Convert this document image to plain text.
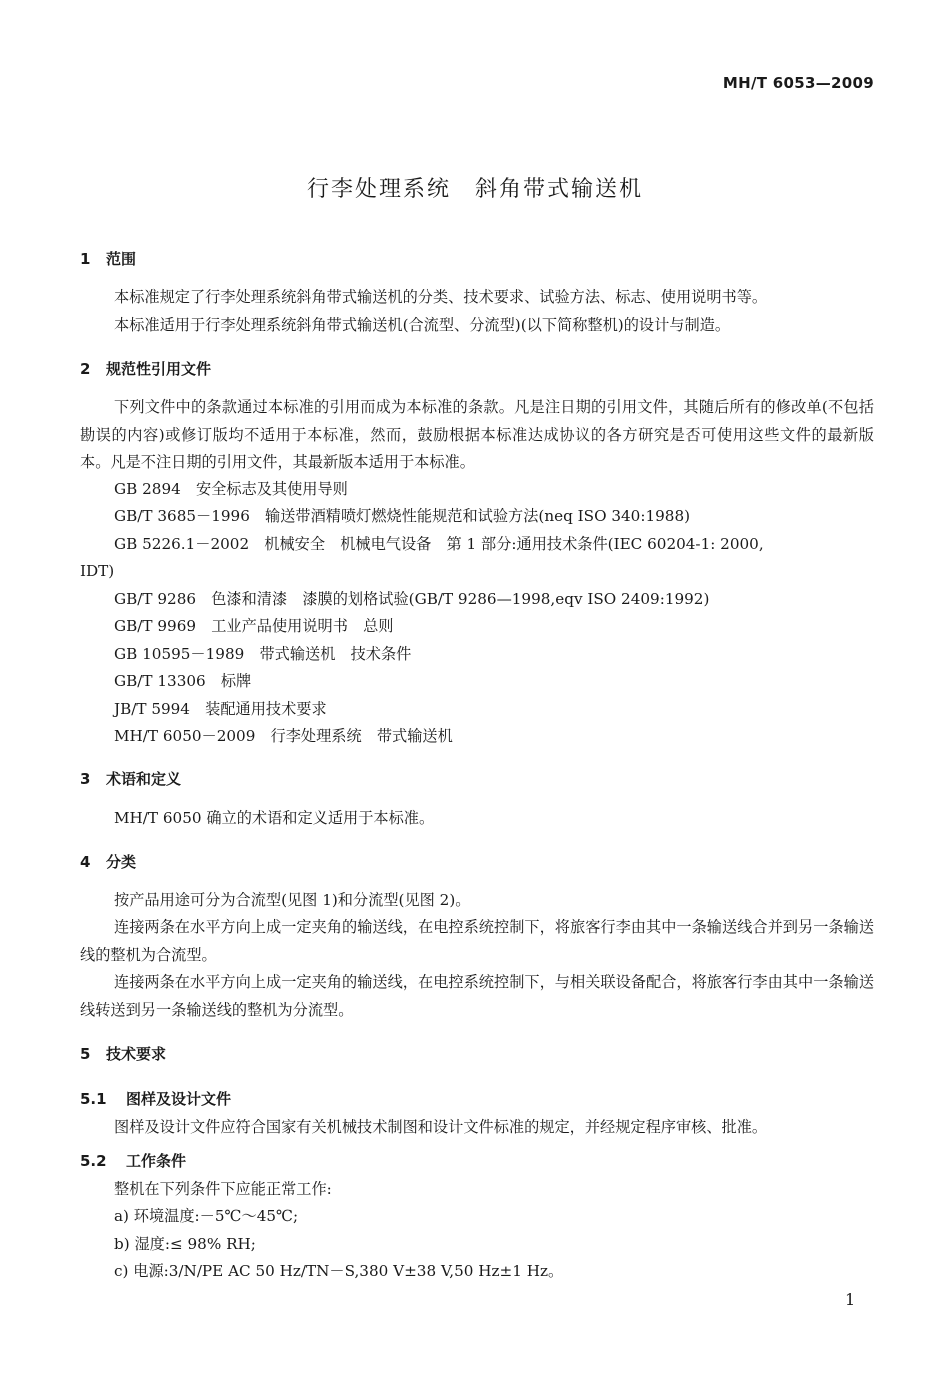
MH/T 6053—2009
行李处理系统　斜角带式输送机
1 范围
本标准规定了行李处理系统斜角带式输送机的分类、技术要求、试验方法、标志、使用说明书等。
本标准适用于行李处理系统斜角带式输送机(合流型、分流型)(以下简称整机)的设计与制造。
2 规范性引用文件
下列文件中的条款通过本标准的引用而成为本标准的条款。凡是注日期的引用文件，其随后所有的修改单(不包括勘误的内容)或修订版均不适用于本标准，然而，鼓励根据本标准达成协议的各方研究是否可使用这些文件的最新版本。凡是不注日期的引用文件，其最新版本适用于本标准。
GB 2894　安全标志及其使用导则
GB/T 3685－1996　输送带酒精喷灯燃烧性能规范和试验方法(neq ISO 340:1988)
GB 5226.1－2002　机械安全　机械电气设备　第 1 部分:通用技术条件(IEC 60204-1: 2000,
IDT)
GB/T 9286　色漆和清漆　漆膜的划格试验(GB/T 9286—1998,eqv ISO 2409:1992)
GB/T 9969　工业产品使用说明书　总则
GB 10595－1989　带式输送机　技术条件
GB/T 13306　标牌
JB/T 5994　装配通用技术要求
MH/T 6050－2009　行李处理系统　带式输送机
3 术语和定义
MH/T 6050 确立的术语和定义适用于本标准。
4 分类
按产品用途可分为合流型(见图 1)和分流型(见图 2)。
连接两条在水平方向上成一定夹角的输送线，在电控系统控制下，将旅客行李由其中一条输送线合并到另一条输送线的整机为合流型。
连接两条在水平方向上成一定夹角的输送线，在电控系统控制下，与相关联设备配合，将旅客行李由其中一条输送线转送到另一条输送线的整机为分流型。
5 技术要求
5.1 图样及设计文件
图样及设计文件应符合国家有关机械技术制图和设计文件标准的规定，并经规定程序审核、批准。
5.2 工作条件
整机在下列条件下应能正常工作:
a) 环境温度:－5℃～45℃;
b) 湿度:≤ 98% RH;
c) 电源:3/N/PE AC 50 Hz/TN－S,380 V±38 V,50 Hz±1 Hz。
1
